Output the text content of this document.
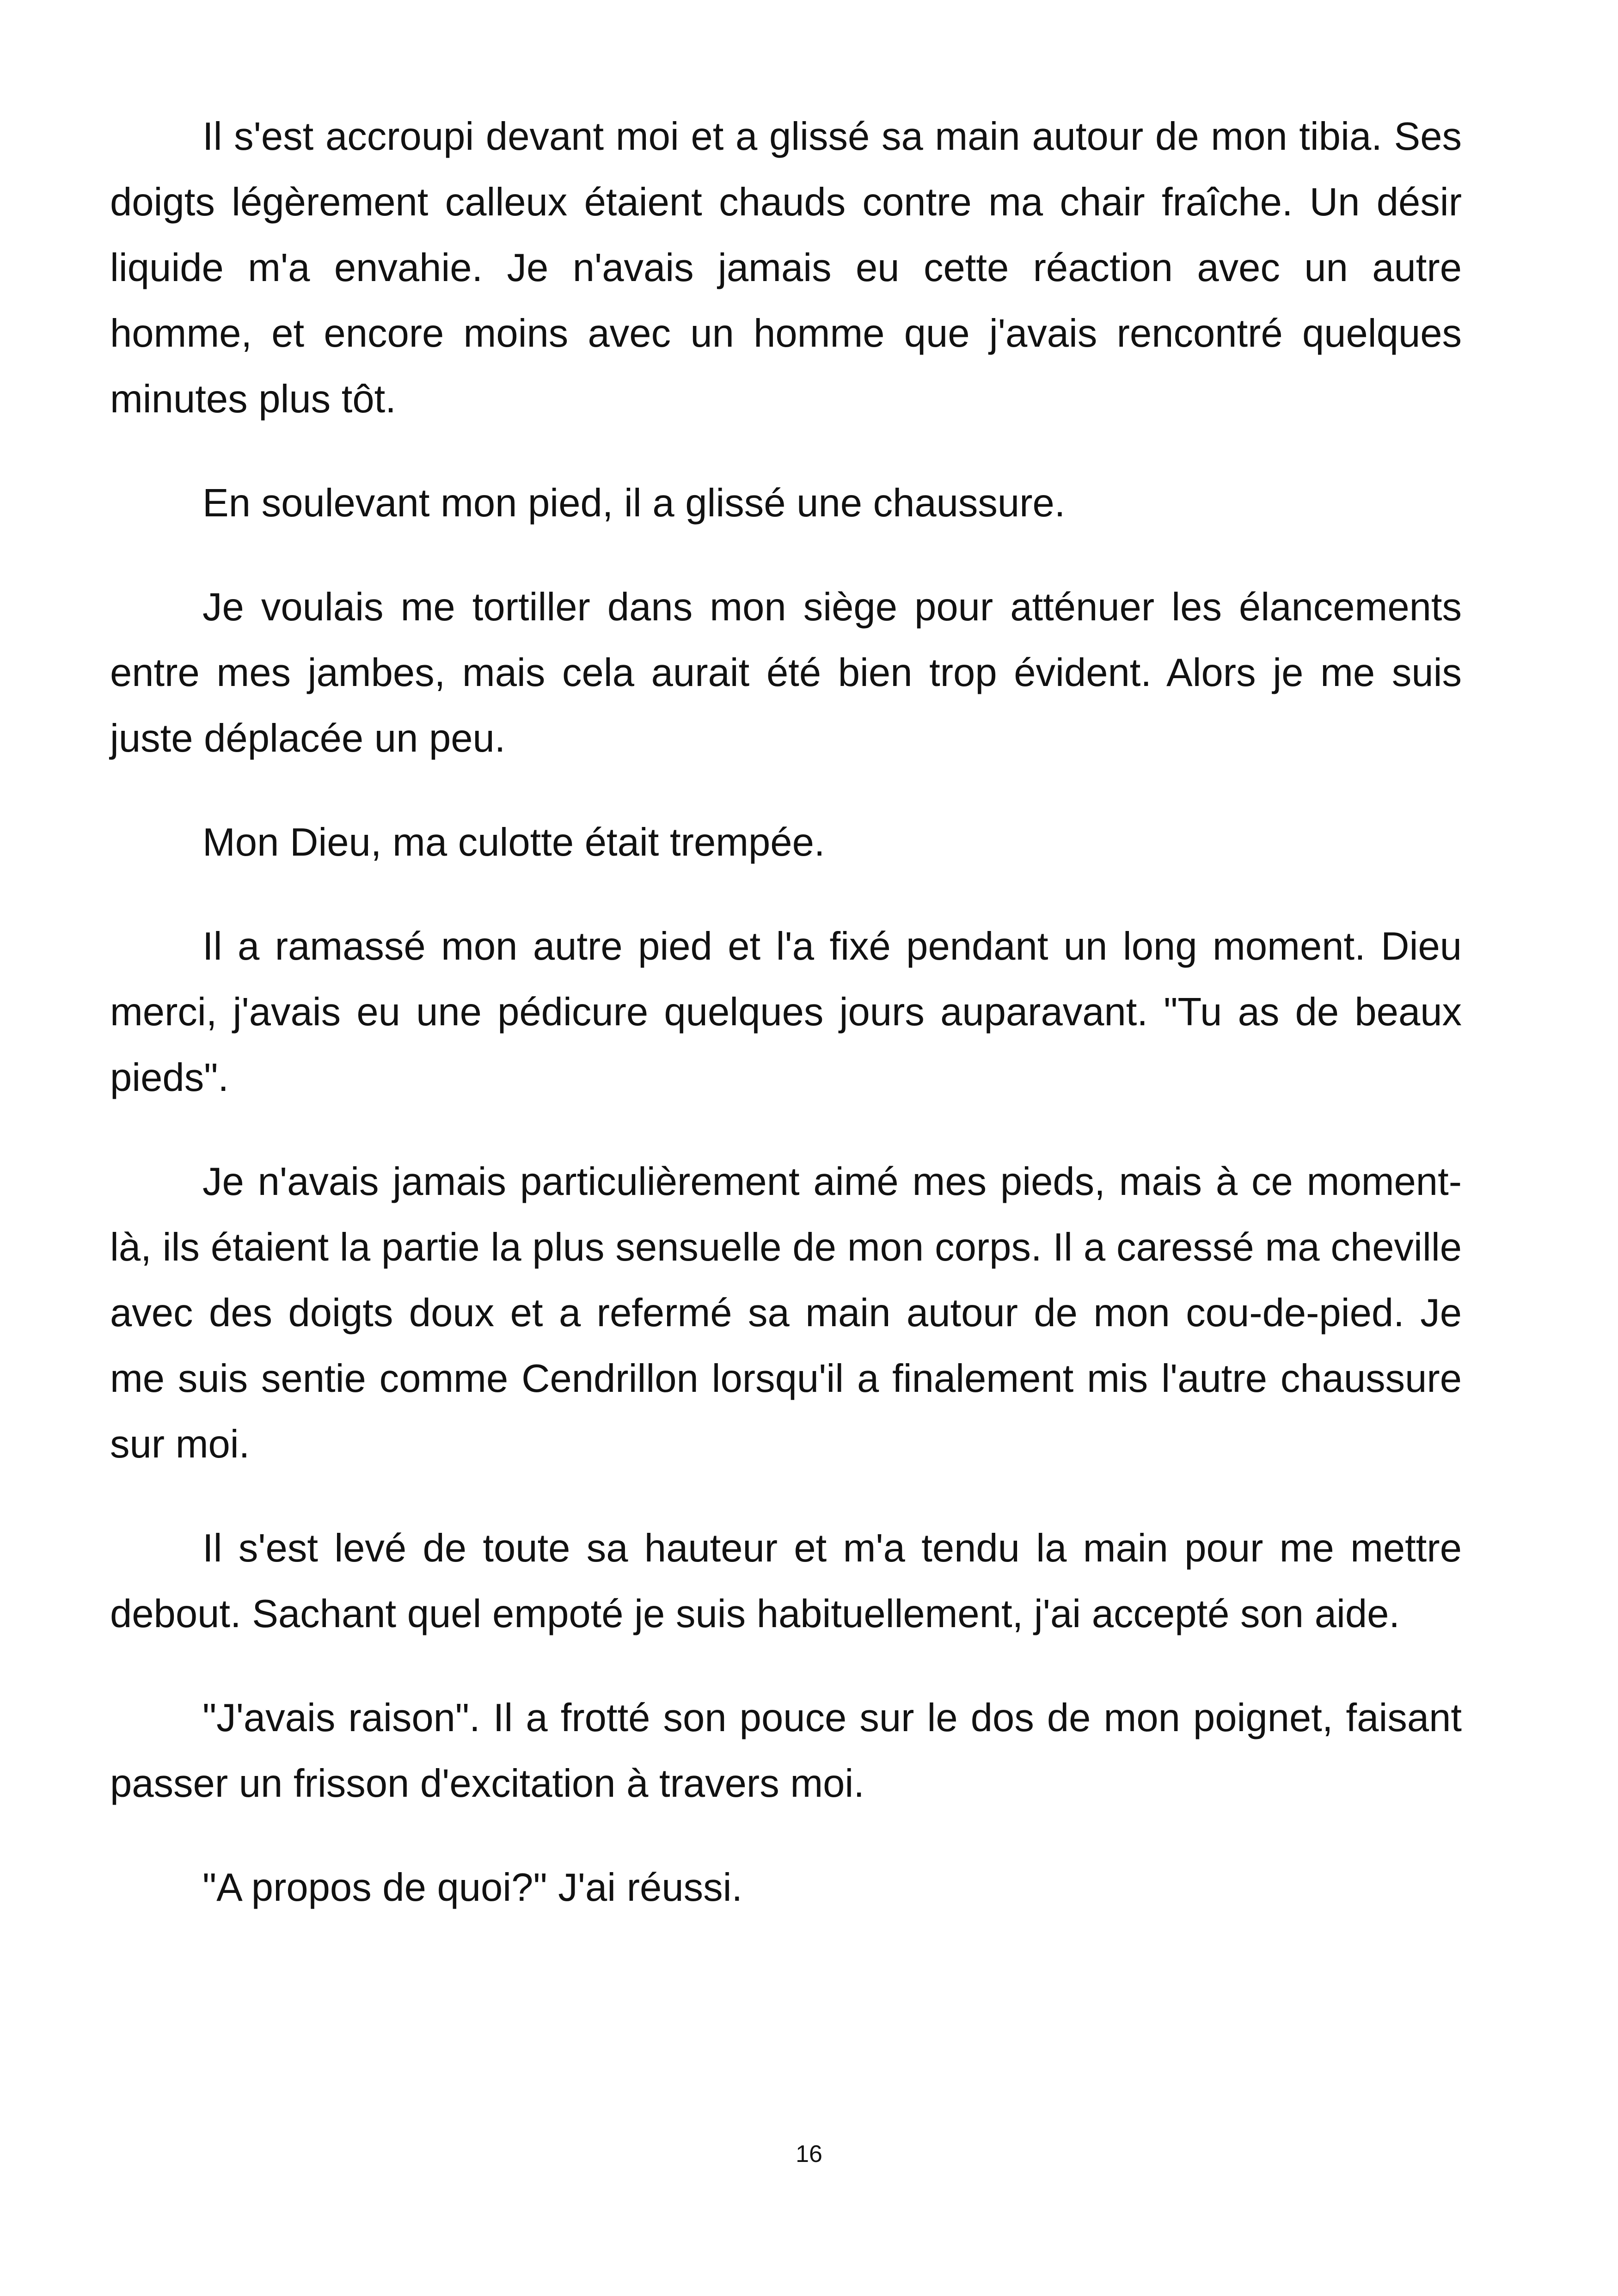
Il s'est accroupi devant moi et a glissé sa main autour de mon tibia. Ses doigts légèrement calleux étaient chauds contre ma chair fraîche. Un désir liquide m'a envahie. Je n'avais jamais eu cette réaction avec un autre homme, et encore moins avec un homme que j'avais rencontré quelques minutes plus tôt.

En soulevant mon pied, il a glissé une chaussure.

Je voulais me tortiller dans mon siège pour atténuer les élancements entre mes jambes, mais cela aurait été bien trop évident. Alors je me suis juste déplacée un peu.

Mon Dieu, ma culotte était trempée.

Il a ramassé mon autre pied et l'a fixé pendant un long moment. Dieu merci, j'avais eu une pédicure quelques jours auparavant. "Tu as de beaux pieds".

Je n'avais jamais particulièrement aimé mes pieds, mais à ce moment-là, ils étaient la partie la plus sensuelle de mon corps. Il a caressé ma cheville avec des doigts doux et a refermé sa main autour de mon cou-de-pied. Je me suis sentie comme Cendrillon lorsqu'il a finalement mis l'autre chaussure sur moi.

Il s'est levé de toute sa hauteur et m'a tendu la main pour me mettre debout. Sachant quel empoté je suis habituellement, j'ai accepté son aide.

"J'avais raison". Il a frotté son pouce sur le dos de mon poignet, faisant passer un frisson d'excitation à travers moi.

"A propos de quoi?" J'ai réussi.

16
